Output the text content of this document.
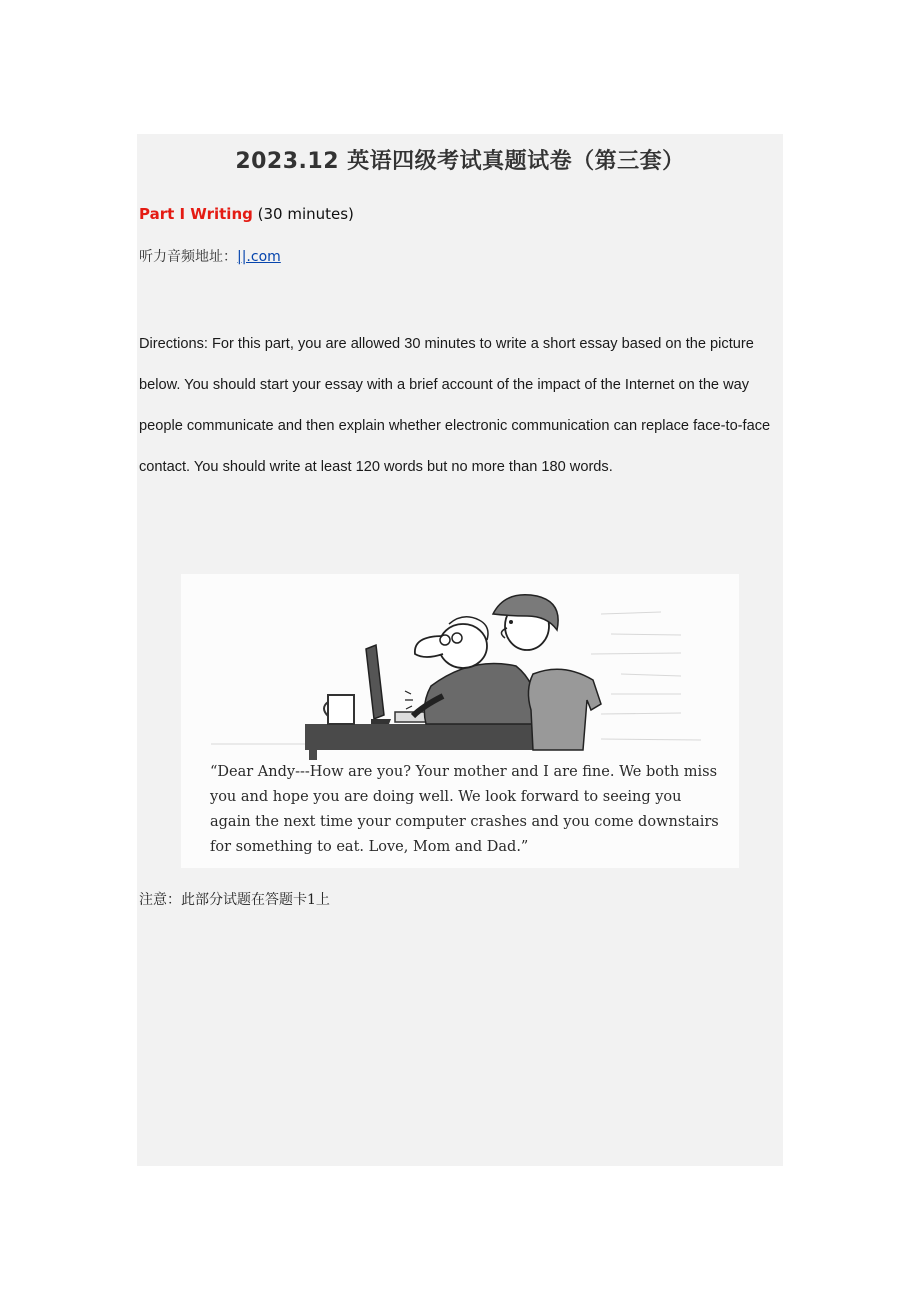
2023.12 英语四级考试真题试卷（第三套）
Part I Writing (30 minutes)
听力音频地址：||.com

Directions: For this part, you are allowed 30 minutes to write a short essay based on the picture below. You should start your essay with a brief account of the impact of the Internet on the way people communicate and then explain whether electronic communication can replace face-to-face contact. You should write at least 120 words but no more than 180 words.

“Dear Andy---How are you? Your mother and I are fine. We both miss you and hope you are doing well. We look forward to seeing you again the next time your computer crashes and you come downstairs for something to eat. Love, Mom and Dad.”

注意：此部分试题在答题卡1上
